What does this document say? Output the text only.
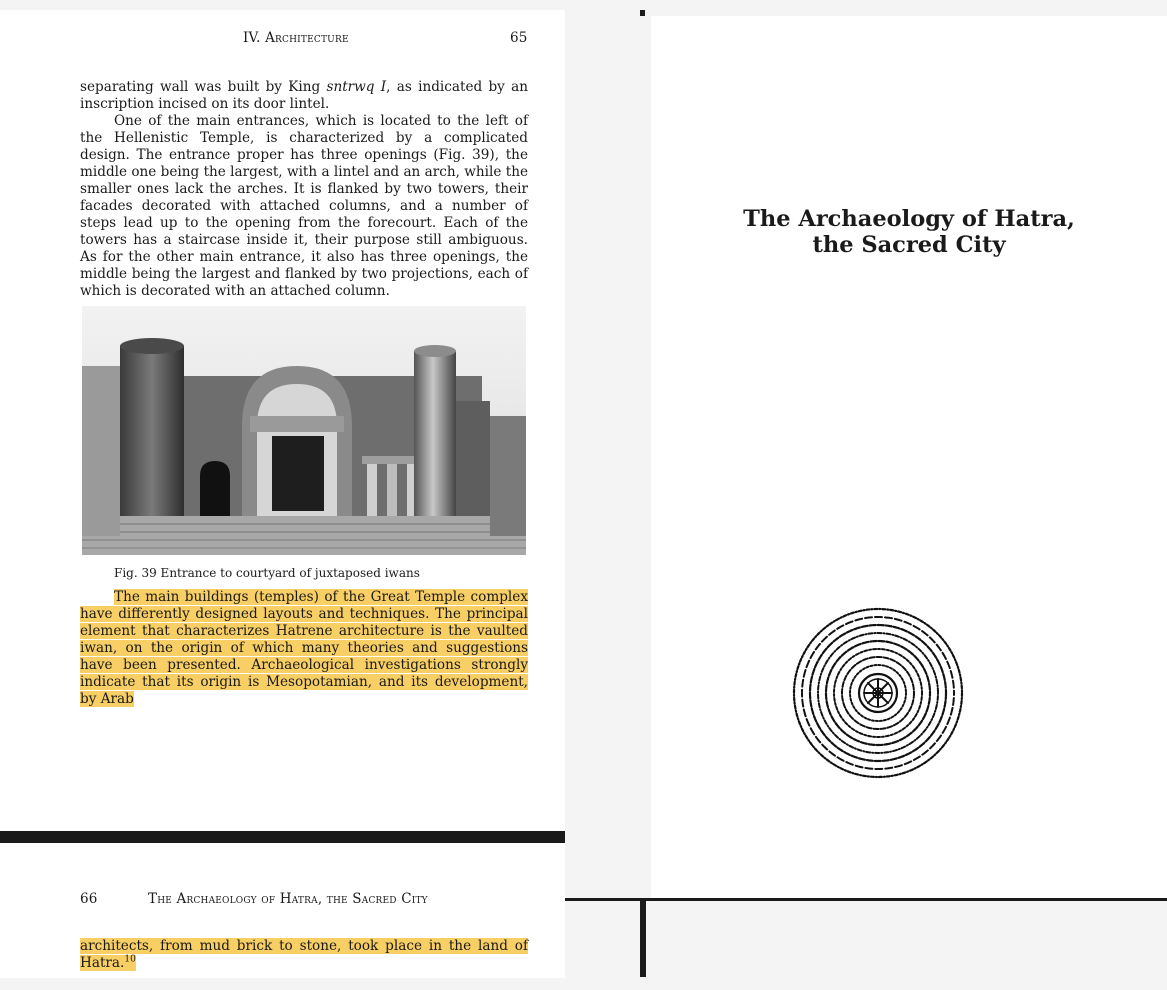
IV. Architecture	65

separating wall was built by King sntrwq I, as indicated by an inscription incised on its door lintel.

One of the main entrances, which is located to the left of the Hellenistic Temple, is characterized by a complicated design. The entrance proper has three openings (Fig. 39), the middle one being the largest, with a lintel and an arch, while the smaller ones lack the arches. It is flanked by two towers, their facades decorated with attached columns, and a number of steps lead up to the opening from the forecourt. Each of the towers has a staircase inside it, their purpose still ambiguous. As for the other main entrance, it also has three openings, the middle being the largest and flanked by two projections, each of which is decorated with an attached column.

Fig. 39 Entrance to courtyard of juxtaposed iwans

The main buildings (temples) of the Great Temple complex have differently designed layouts and techniques. The principal element that characterizes Hatrene architecture is the vaulted iwan, on the origin of which many theories and suggestions have been presented. Archaeological investigations strongly indicate that its origin is Mesopotamian, and its development, by Arab

66	The Archaeology of Hatra, the Sacred City

architects, from mud brick to stone, took place in the land of Hatra.$^{10}$

The Archaeology of Hatra,
the Sacred City
